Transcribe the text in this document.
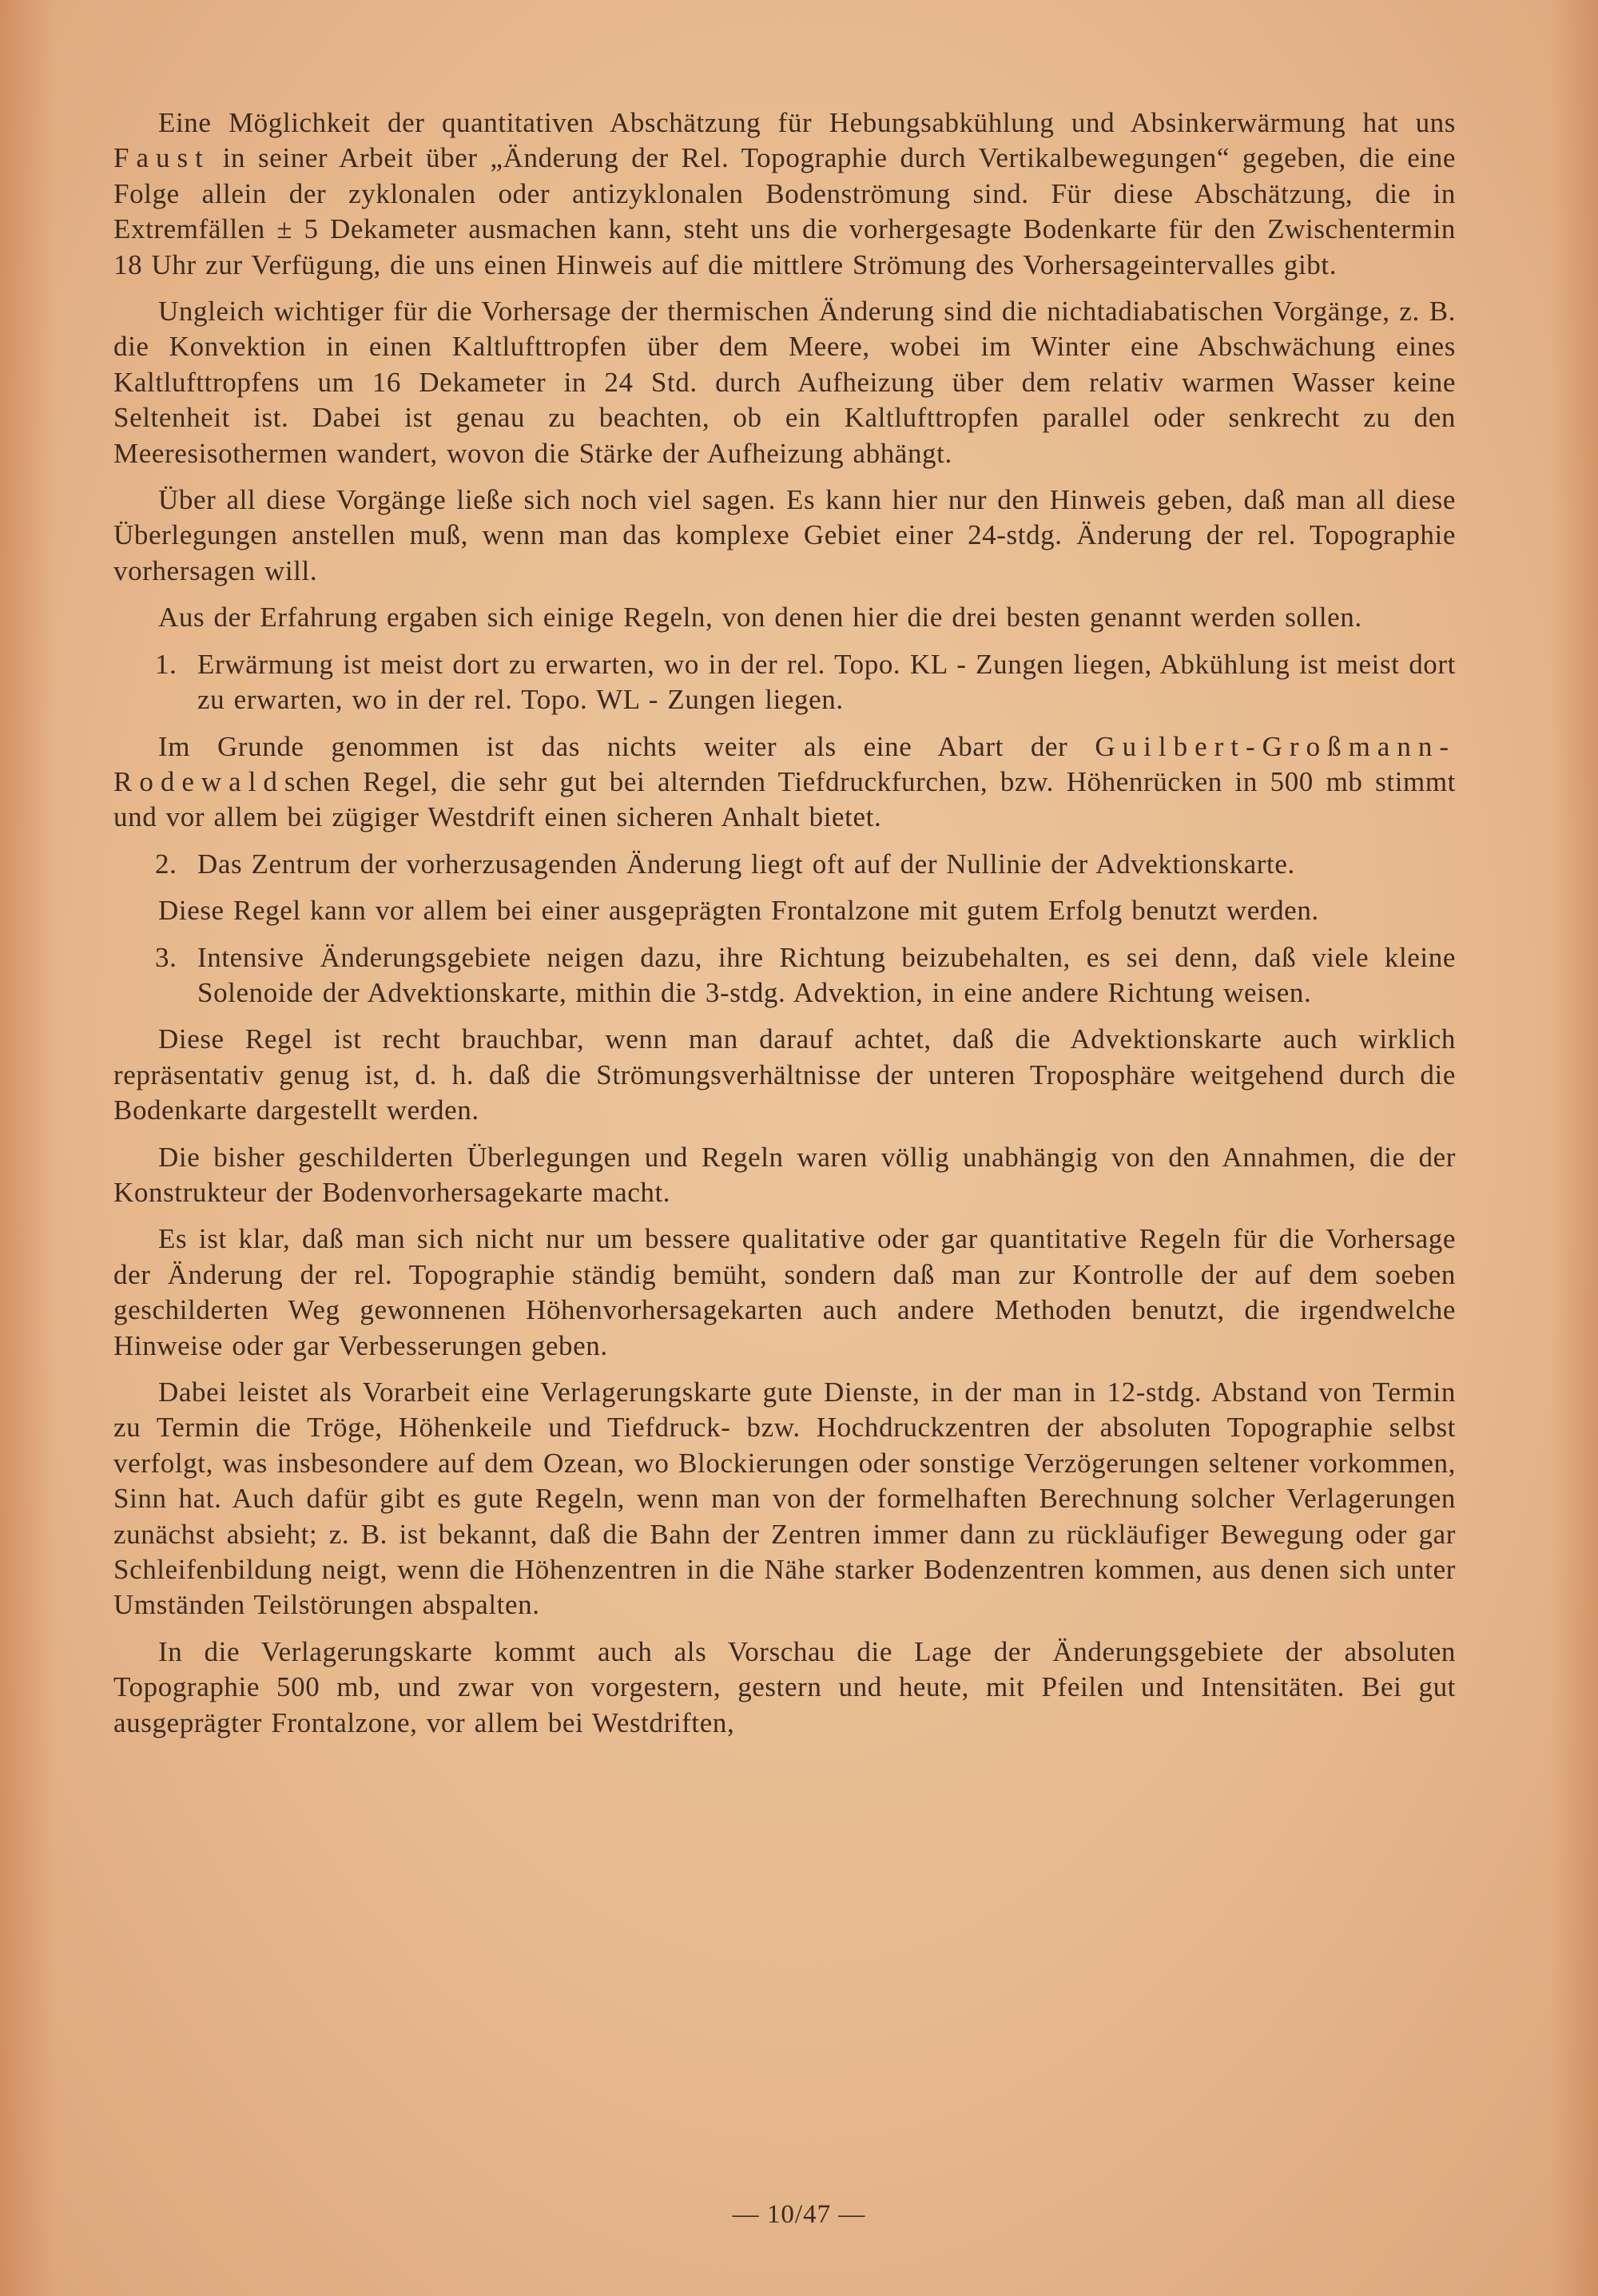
Eine Möglichkeit der quantitativen Abschätzung für Hebungsabkühlung und Absinkerwärmung hat uns Faust in seiner Arbeit über „Änderung der Rel. Topographie durch Vertikalbewegungen“ gegeben, die eine Folge allein der zyklonalen oder antizyklonalen Bodenströmung sind. Für diese Abschätzung, die in Extremfällen ± 5 Dekameter ausmachen kann, steht uns die vorhergesagte Bodenkarte für den Zwischentermin 18 Uhr zur Verfügung, die uns einen Hinweis auf die mittlere Strömung des Vorhersageintervalles gibt.

Ungleich wichtiger für die Vorhersage der thermischen Änderung sind die nichtadiabatischen Vorgänge, z. B. die Konvektion in einen Kaltlufttropfen über dem Meere, wobei im Winter eine Abschwächung eines Kaltlufttropfens um 16 Dekameter in 24 Std. durch Aufheizung über dem relativ warmen Wasser keine Seltenheit ist. Dabei ist genau zu beachten, ob ein Kaltlufttropfen parallel oder senkrecht zu den Meeresisothermen wandert, wovon die Stärke der Aufheizung abhängt.

Über all diese Vorgänge ließe sich noch viel sagen. Es kann hier nur den Hinweis geben, daß man all diese Überlegungen anstellen muß, wenn man das komplexe Gebiet einer 24-stdg. Änderung der rel. Topographie vorhersagen will.

Aus der Erfahrung ergaben sich einige Regeln, von denen hier die drei besten genannt werden sollen.

1. Erwärmung ist meist dort zu erwarten, wo in der rel. Topo. KL - Zungen liegen, Abkühlung ist meist dort zu erwarten, wo in der rel. Topo. WL - Zungen liegen.

Im Grunde genommen ist das nichts weiter als eine Abart der Guilbert-Großmann-Rodewaldschen Regel, die sehr gut bei alternden Tiefdruckfurchen, bzw. Höhenrücken in 500 mb stimmt und vor allem bei zügiger Westdrift einen sicheren Anhalt bietet.

2. Das Zentrum der vorherzusagenden Änderung liegt oft auf der Nullinie der Advektionskarte.

Diese Regel kann vor allem bei einer ausgeprägten Frontalzone mit gutem Erfolg benutzt werden.

3. Intensive Änderungsgebiete neigen dazu, ihre Richtung beizubehalten, es sei denn, daß viele kleine Solenoide der Advektionskarte, mithin die 3-stdg. Advektion, in eine andere Richtung weisen.

Diese Regel ist recht brauchbar, wenn man darauf achtet, daß die Advektionskarte auch wirklich repräsentativ genug ist, d. h. daß die Strömungsverhältnisse der unteren Troposphäre weitgehend durch die Bodenkarte dargestellt werden.

Die bisher geschilderten Überlegungen und Regeln waren völlig unabhängig von den Annahmen, die der Konstrukteur der Bodenvorhersagekarte macht.

Es ist klar, daß man sich nicht nur um bessere qualitative oder gar quantitative Regeln für die Vorhersage der Änderung der rel. Topographie ständig bemüht, sondern daß man zur Kontrolle der auf dem soeben geschilderten Weg gewonnenen Höhenvorhersagekarten auch andere Methoden benutzt, die irgendwelche Hinweise oder gar Verbesserungen geben.

Dabei leistet als Vorarbeit eine Verlagerungskarte gute Dienste, in der man in 12-stdg. Abstand von Termin zu Termin die Tröge, Höhenkeile und Tiefdruck- bzw. Hochdruckzentren der absoluten Topographie selbst verfolgt, was insbesondere auf dem Ozean, wo Blockierungen oder sonstige Verzögerungen seltener vorkommen, Sinn hat. Auch dafür gibt es gute Regeln, wenn man von der formelhaften Berechnung solcher Verlagerungen zunächst absieht; z. B. ist bekannt, daß die Bahn der Zentren immer dann zu rückläufiger Bewegung oder gar Schleifenbildung neigt, wenn die Höhenzentren in die Nähe starker Bodenzentren kommen, aus denen sich unter Umständen Teilstörungen abspalten.

In die Verlagerungskarte kommt auch als Vorschau die Lage der Änderungsgebiete der absoluten Topographie 500 mb, und zwar von vorgestern, gestern und heute, mit Pfeilen und Intensitäten. Bei gut ausgeprägter Frontalzone, vor allem bei Westdriften,

— 10/47 —
